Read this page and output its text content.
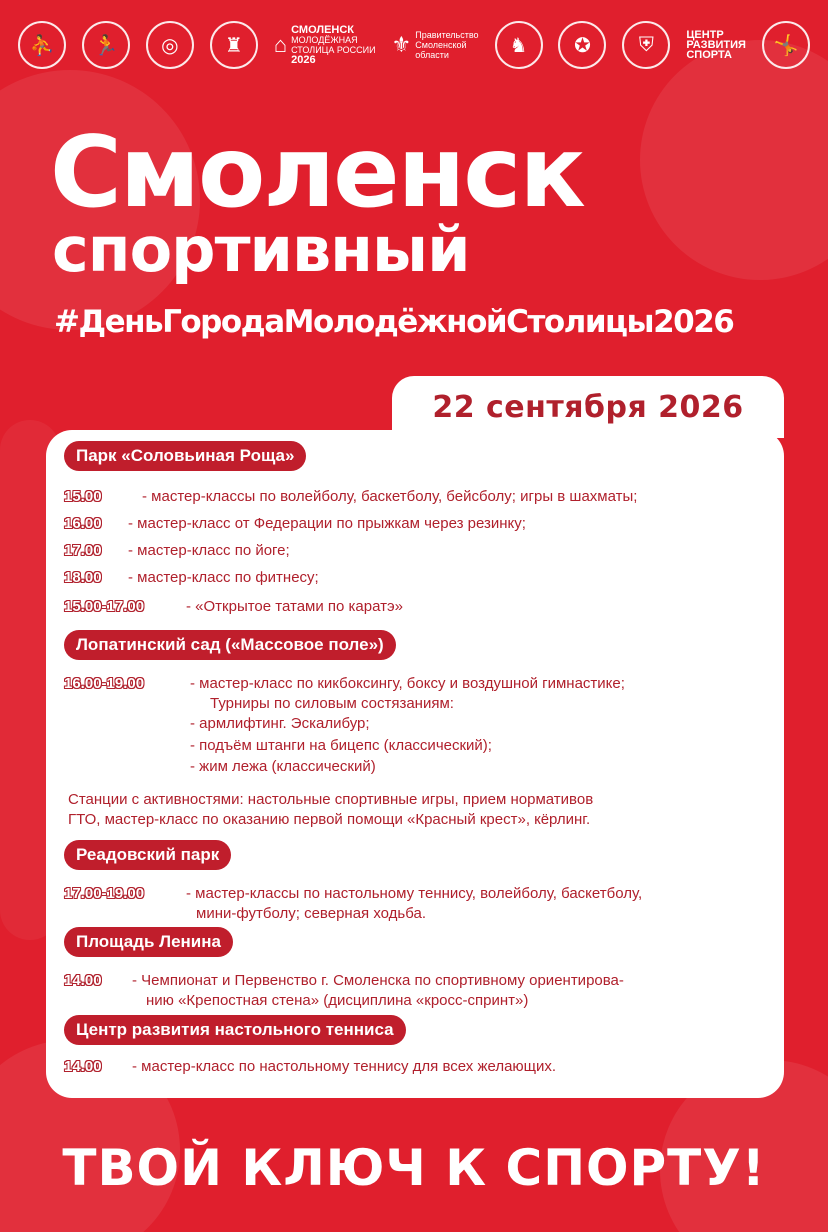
⛹	🏃	◎	♜	⌂
СМОЛЕНСК
МОЛОДЁЖНАЯ
СТОЛИЦА РОССИИ
2026
⚜ Правительство
Смоленской
области	♞	✪	⛨	ЦЕНТР
РАЗВИТИЯ
СПОРТА	🤸
Смоленск
спортивный
#ДеньГородаМолодёжнойСтолицы2026
22 сентября 2026
Парк «Соловьиная Роща»
15.00	- мастер-классы по волейболу, баскетболу, бейсболу; игры в шахматы;
16.00 - мастер-класс от Федерации по прыжкам через резинку;
17.00 - мастер-класс по йоге;
18.00 - мастер-класс по фитнесу;
15.00-17.00	- «Открытое татами по каратэ»
Лопатинский сад («Массовое поле»)
16.00-19.00	- мастер-класс по кикбоксингу, боксу и воздушной гимнастике;
Турниры по силовым состязаниям:
- армлифтинг. Эскалибур;
- подъём штанги на бицепс (классический);
- жим лежа (классический)
Станции с активностями: настольные спортивные игры, прием нормативов
ГТО, мастер-класс по оказанию первой помощи «Красный крест», кёрлинг.
Реадовский парк
17.00-19.00	- мастер-классы по настольному теннису, волейболу, баскетболу,
мини-футболу; северная ходьба.
Площадь Ленина
14.00 - Чемпионат и Первенство г. Смоленска по спортивному ориентирова-
нию «Крепостная стена» (дисциплина «кросс-спринт»)
Центр развития настольного тенниса
14.00 - мастер-класс по настольному теннису для всех желающих.
ТВОЙ КЛЮЧ К СПОРТУ!
